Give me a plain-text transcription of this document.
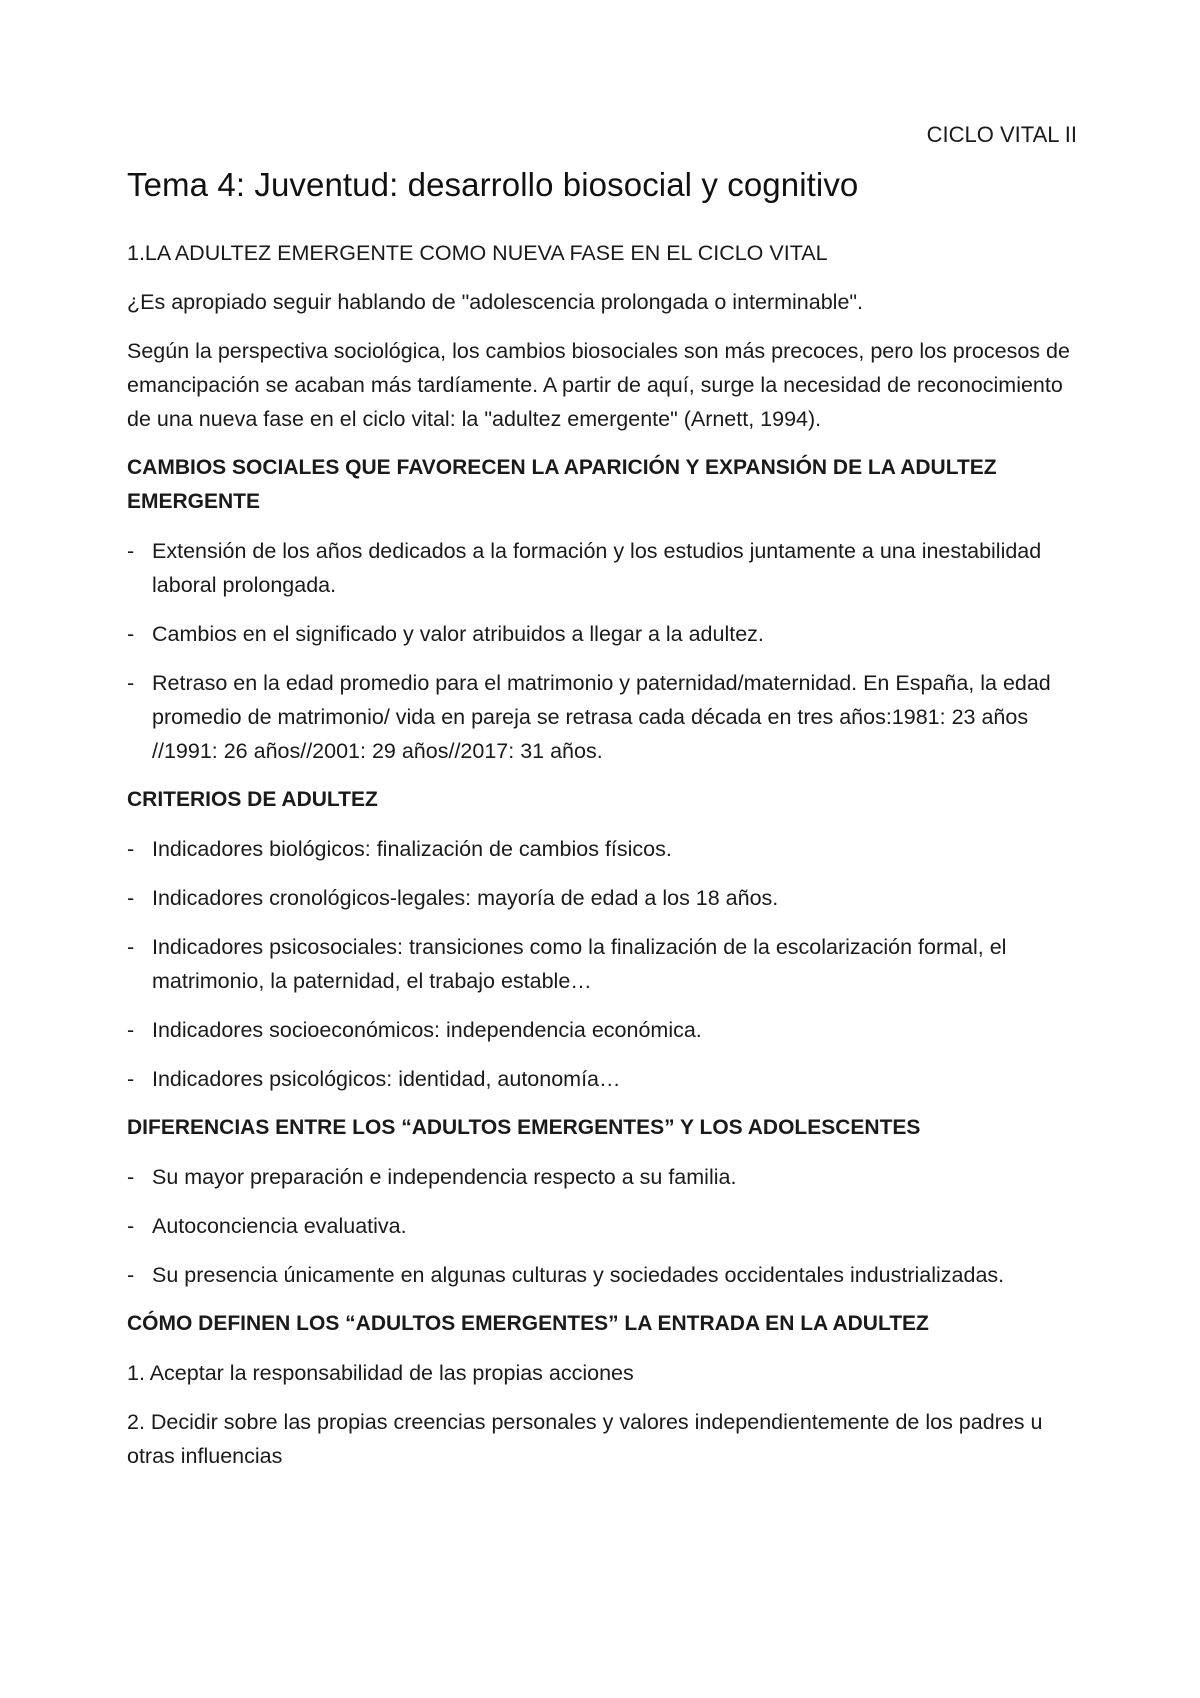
CICLO VITAL II
Tema 4: Juventud: desarrollo biosocial y cognitivo

1.LA ADULTEZ EMERGENTE COMO NUEVA FASE EN EL CICLO VITAL

¿Es apropiado seguir hablando de "adolescencia prolongada o interminable".

Según la perspectiva sociológica, los cambios biosociales son más precoces, pero los procesos de emancipación se acaban más tardíamente. A partir de aquí, surge la necesidad de reconocimiento de una nueva fase en el ciclo vital: la "adultez emergente" (Arnett, 1994).

CAMBIOS SOCIALES QUE FAVORECEN LA APARICIÓN Y EXPANSIÓN DE LA ADULTEZ EMERGENTE
- Extensión de los años dedicados a la formación y los estudios juntamente a una inestabilidad laboral prolongada.
- Cambios en el significado y valor atribuidos a llegar a la adultez.
- Retraso en la edad promedio para el matrimonio y paternidad/maternidad. En España, la edad promedio de matrimonio/ vida en pareja se retrasa cada década en tres años:1981: 23 años //1991: 26 años//2001: 29 años//2017: 31 años.
CRITERIOS DE ADULTEZ
- Indicadores biológicos: finalización de cambios físicos.
- Indicadores cronológicos-legales: mayoría de edad a los 18 años.
- Indicadores psicosociales: transiciones como la finalización de la escolarización formal, el matrimonio, la paternidad, el trabajo estable…
- Indicadores socioeconómicos: independencia económica.
- Indicadores psicológicos: identidad, autonomía…
DIFERENCIAS ENTRE LOS “ADULTOS EMERGENTES” Y LOS ADOLESCENTES
- Su mayor preparación e independencia respecto a su familia.
- Autoconciencia evaluativa.
- Su presencia únicamente en algunas culturas y sociedades occidentales industrializadas.
CÓMO DEFINEN LOS “ADULTOS EMERGENTES” LA ENTRADA EN LA ADULTEZ

1. Aceptar la responsabilidad de las propias acciones

2. Decidir sobre las propias creencias personales y valores independientemente de los padres u otras influencias
